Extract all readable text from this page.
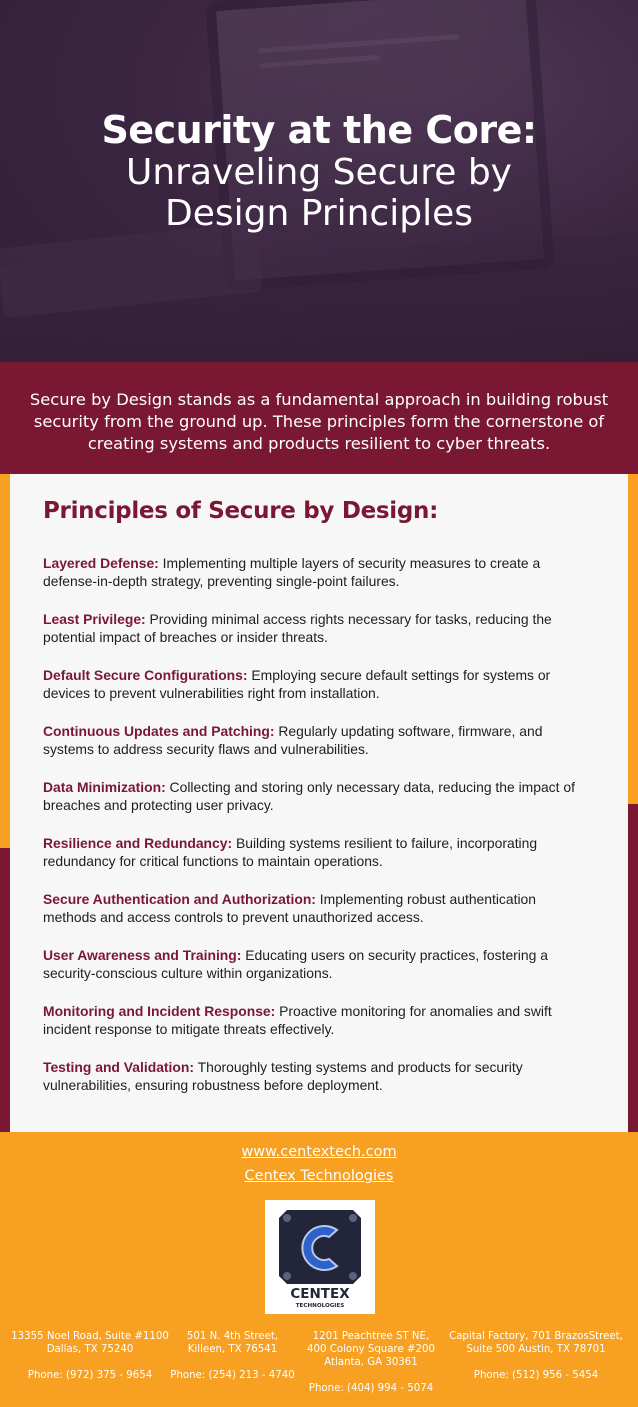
Security at the Core:
Unraveling Secure by
Design Principles
Secure by Design stands as a fundamental approach in building robust security from the ground up. These principles form the cornerstone of creating systems and products resilient to cyber threats.
Principles of Secure by Design:
Layered Defense: Implementing multiple layers of security measures to create a defense-in-depth strategy, preventing single-point failures.
Least Privilege: Providing minimal access rights necessary for tasks, reducing the potential impact of breaches or insider threats.
Default Secure Configurations: Employing secure default settings for systems or devices to prevent vulnerabilities right from installation.
Continuous Updates and Patching: Regularly updating software, firmware, and systems to address security flaws and vulnerabilities.
Data Minimization: Collecting and storing only necessary data, reducing the impact of breaches and protecting user privacy.
Resilience and Redundancy: Building systems resilient to failure, incorporating redundancy for critical functions to maintain operations.
Secure Authentication and Authorization: Implementing robust authentication methods and access controls to prevent unauthorized access.
User Awareness and Training: Educating users on security practices, fostering a security-conscious culture within organizations.
Monitoring and Incident Response: Proactive monitoring for anomalies and swift incident response to mitigate threats effectively.
Testing and Validation: Thoroughly testing systems and products for security vulnerabilities, ensuring robustness before deployment.
www.centextech.com
Centex Technologies
CENTEX
TECHNOLOGIES
13355 Noel Road, Suite #1100
Dallas, TX 75240
Phone: (972) 375 - 9654
501 N. 4th Street,
Killeen, TX 76541
Phone: (254) 213 - 4740
1201 Peachtree ST NE,
400 Colony Square #200
Atlanta, GA 30361
Phone: (404) 994 - 5074
Capital Factory, 701 BrazosStreet,
Suite 500 Austin, TX 78701
Phone: (512) 956 - 5454
